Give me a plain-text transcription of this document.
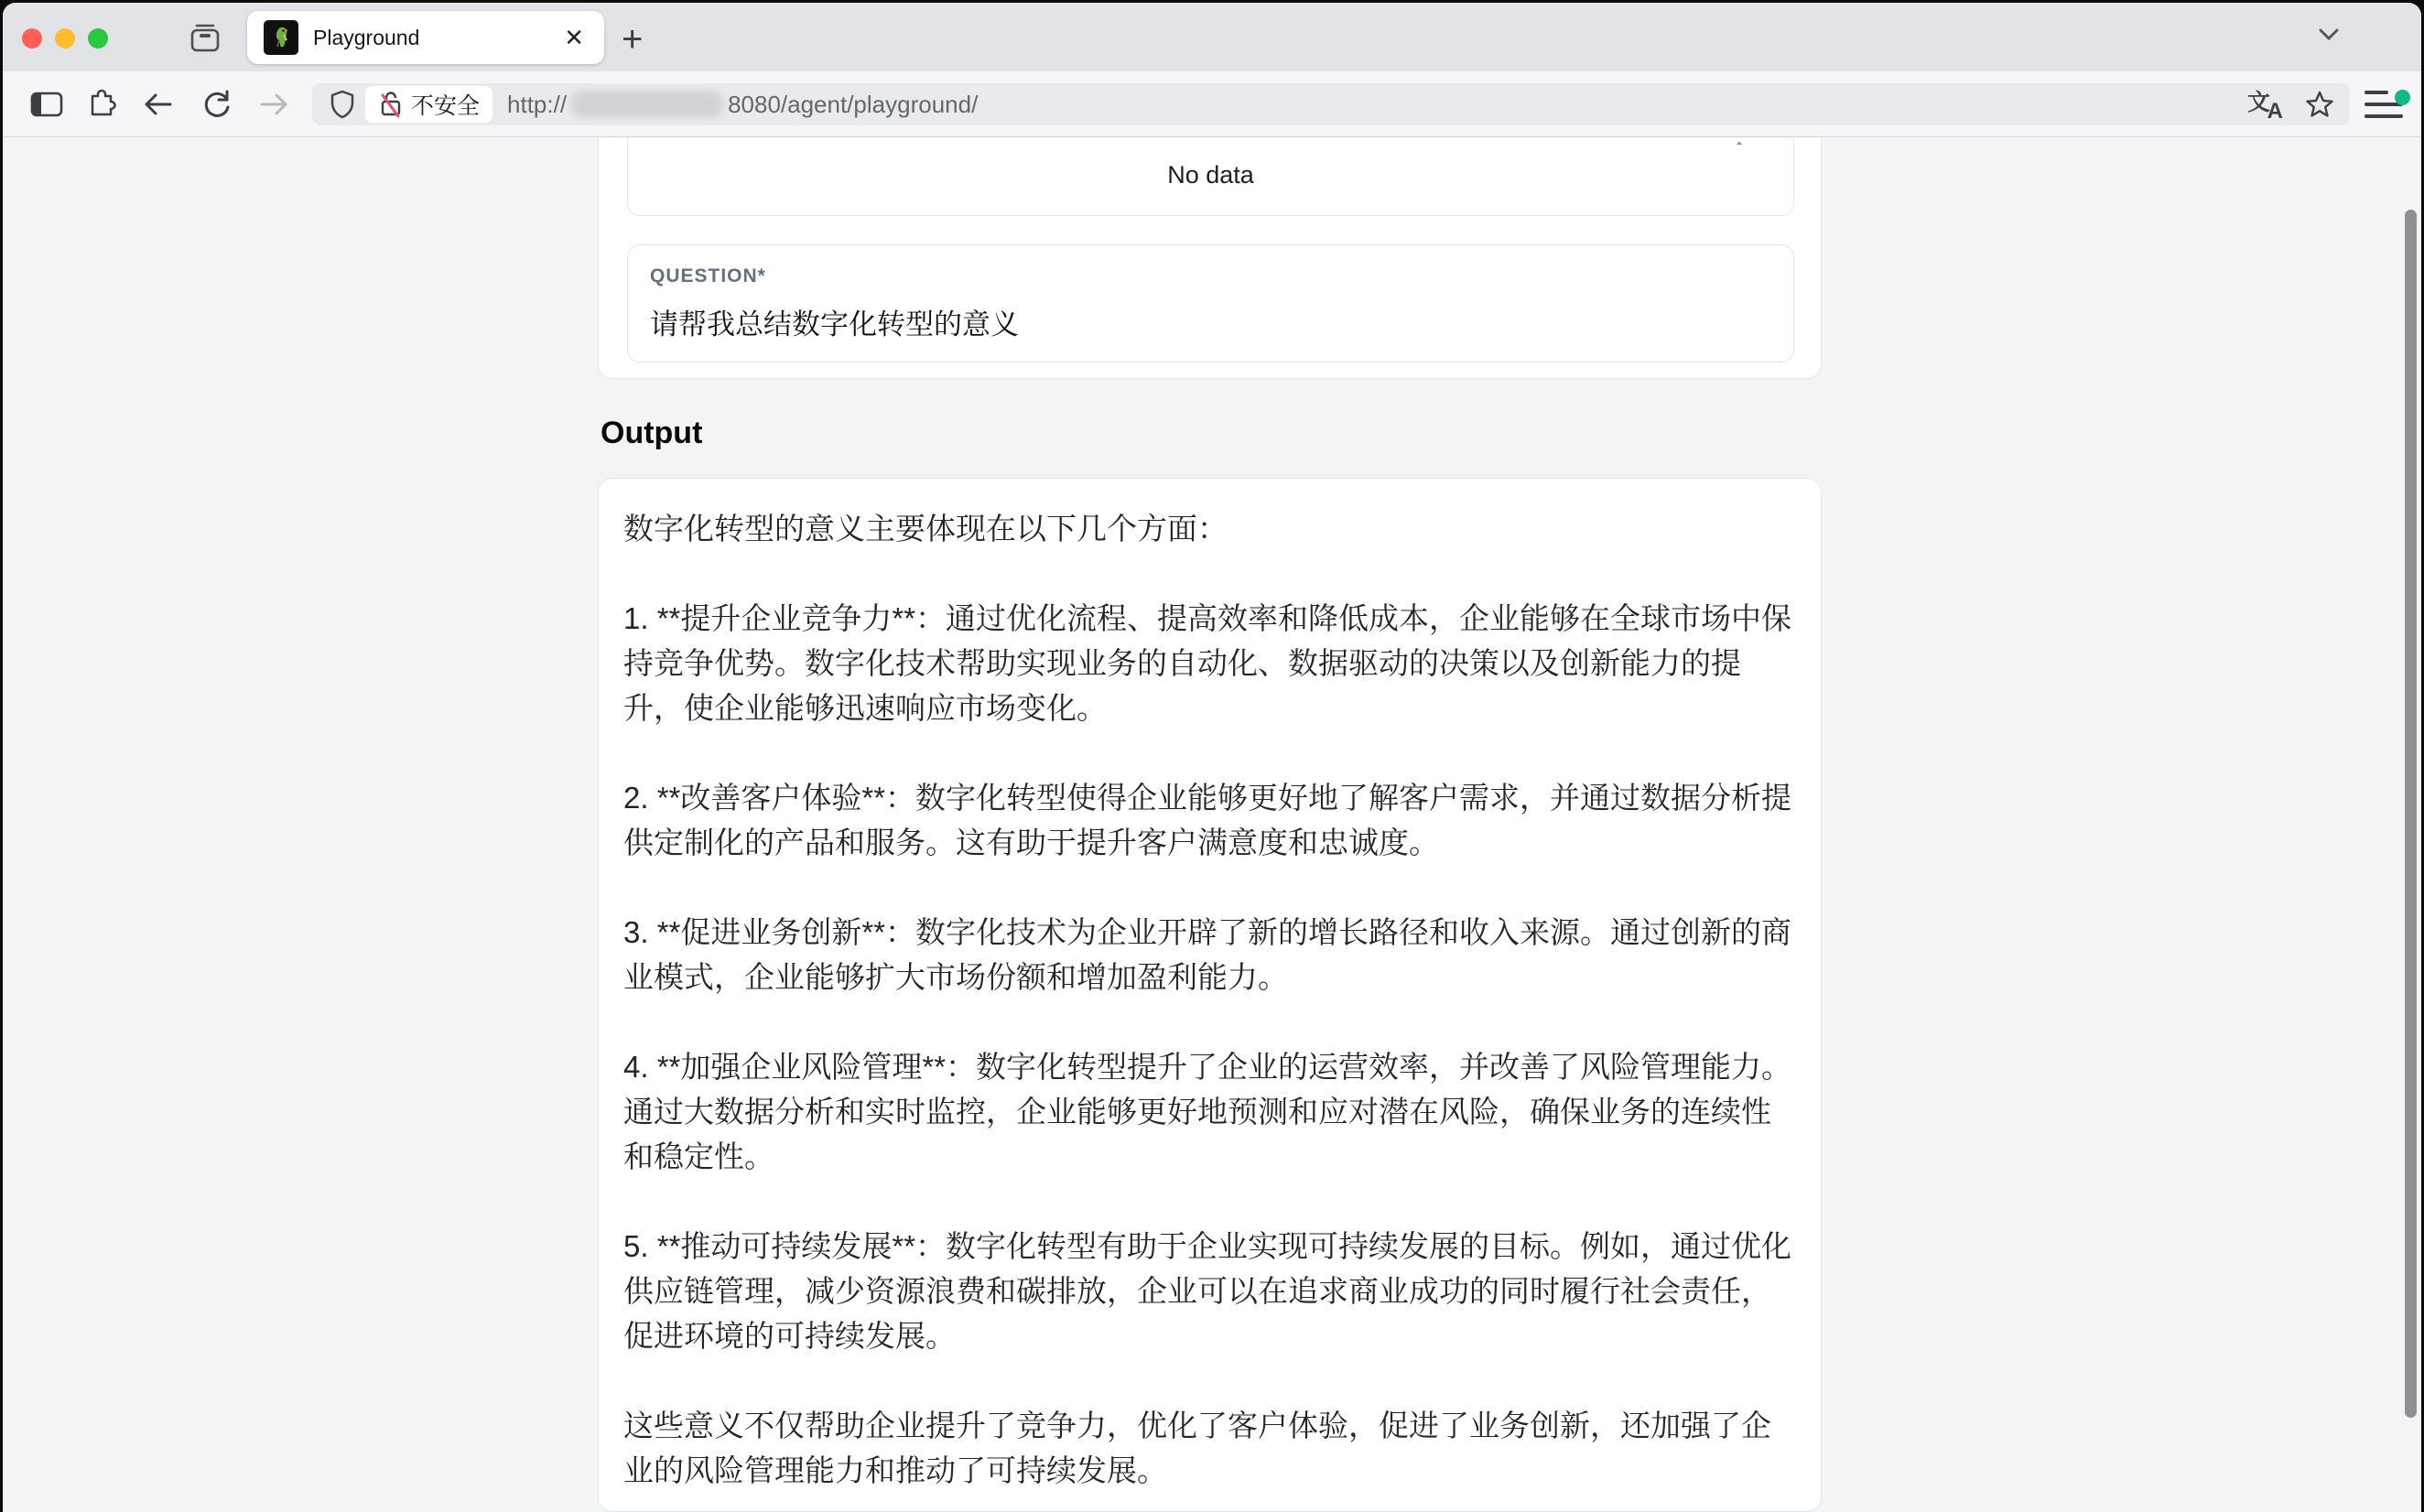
Playground	✕ +
不安全 http://	8080/agent/playground/	文
A
No data
QUESTION*
请帮我总结数字化转型的意义
Output

数字化转型的意义主要体现在以下几个方面：

1. **提升企业竞争力**：通过优化流程、提高效率和降低成本，企业能够在全球市场中保持竞争优势。数字化技术帮助实现业务的自动化、数据驱动的决策以及创新能力的提升，使企业能够迅速响应市场变化。

2. **改善客户体验**：数字化转型使得企业能够更好地了解客户需求，并通过数据分析提供定制化的产品和服务。这有助于提升客户满意度和忠诚度。

3. **促进业务创新**：数字化技术为企业开辟了新的增长路径和收入来源。通过创新的商业模式，企业能够扩大市场份额和增加盈利能力。

4. **加强企业风险管理**：数字化转型提升了企业的运营效率，并改善了风险管理能力。通过大数据分析和实时监控，企业能够更好地预测和应对潜在风险，确保业务的连续性和稳定性。

5. **推动可持续发展**：数字化转型有助于企业实现可持续发展的目标。例如，通过优化供应链管理，减少资源浪费和碳排放，企业可以在追求商业成功的同时履行社会责任，促进环境的可持续发展。

这些意义不仅帮助企业提升了竞争力，优化了客户体验，促进了业务创新，还加强了企业的风险管理能力和推动了可持续发展。
